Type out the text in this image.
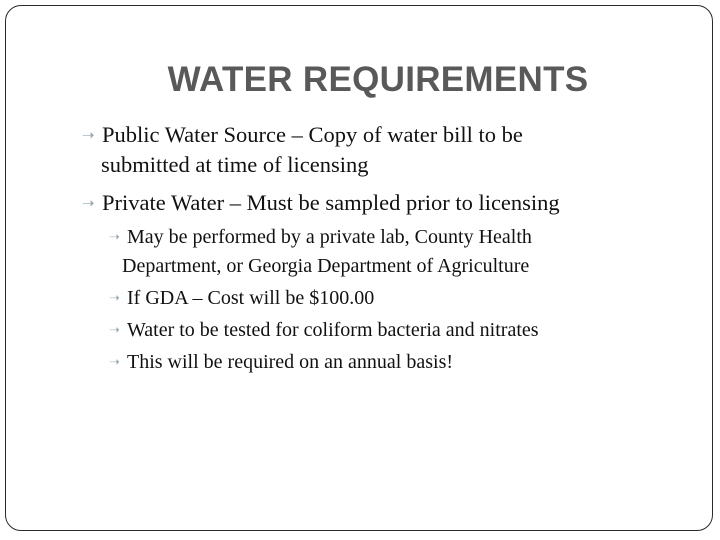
WATER REQUIREMENTS
➝ Public Water Source – Copy of water bill to be
submitted at time of licensing
➝ Private Water – Must be sampled prior to licensing
➝ May be performed by a private lab, County Health
Department, or Georgia Department of Agriculture
➝ If GDA – Cost will be $100.00
➝ Water to be tested for coliform bacteria and nitrates
➝ This will be required on an annual basis!
